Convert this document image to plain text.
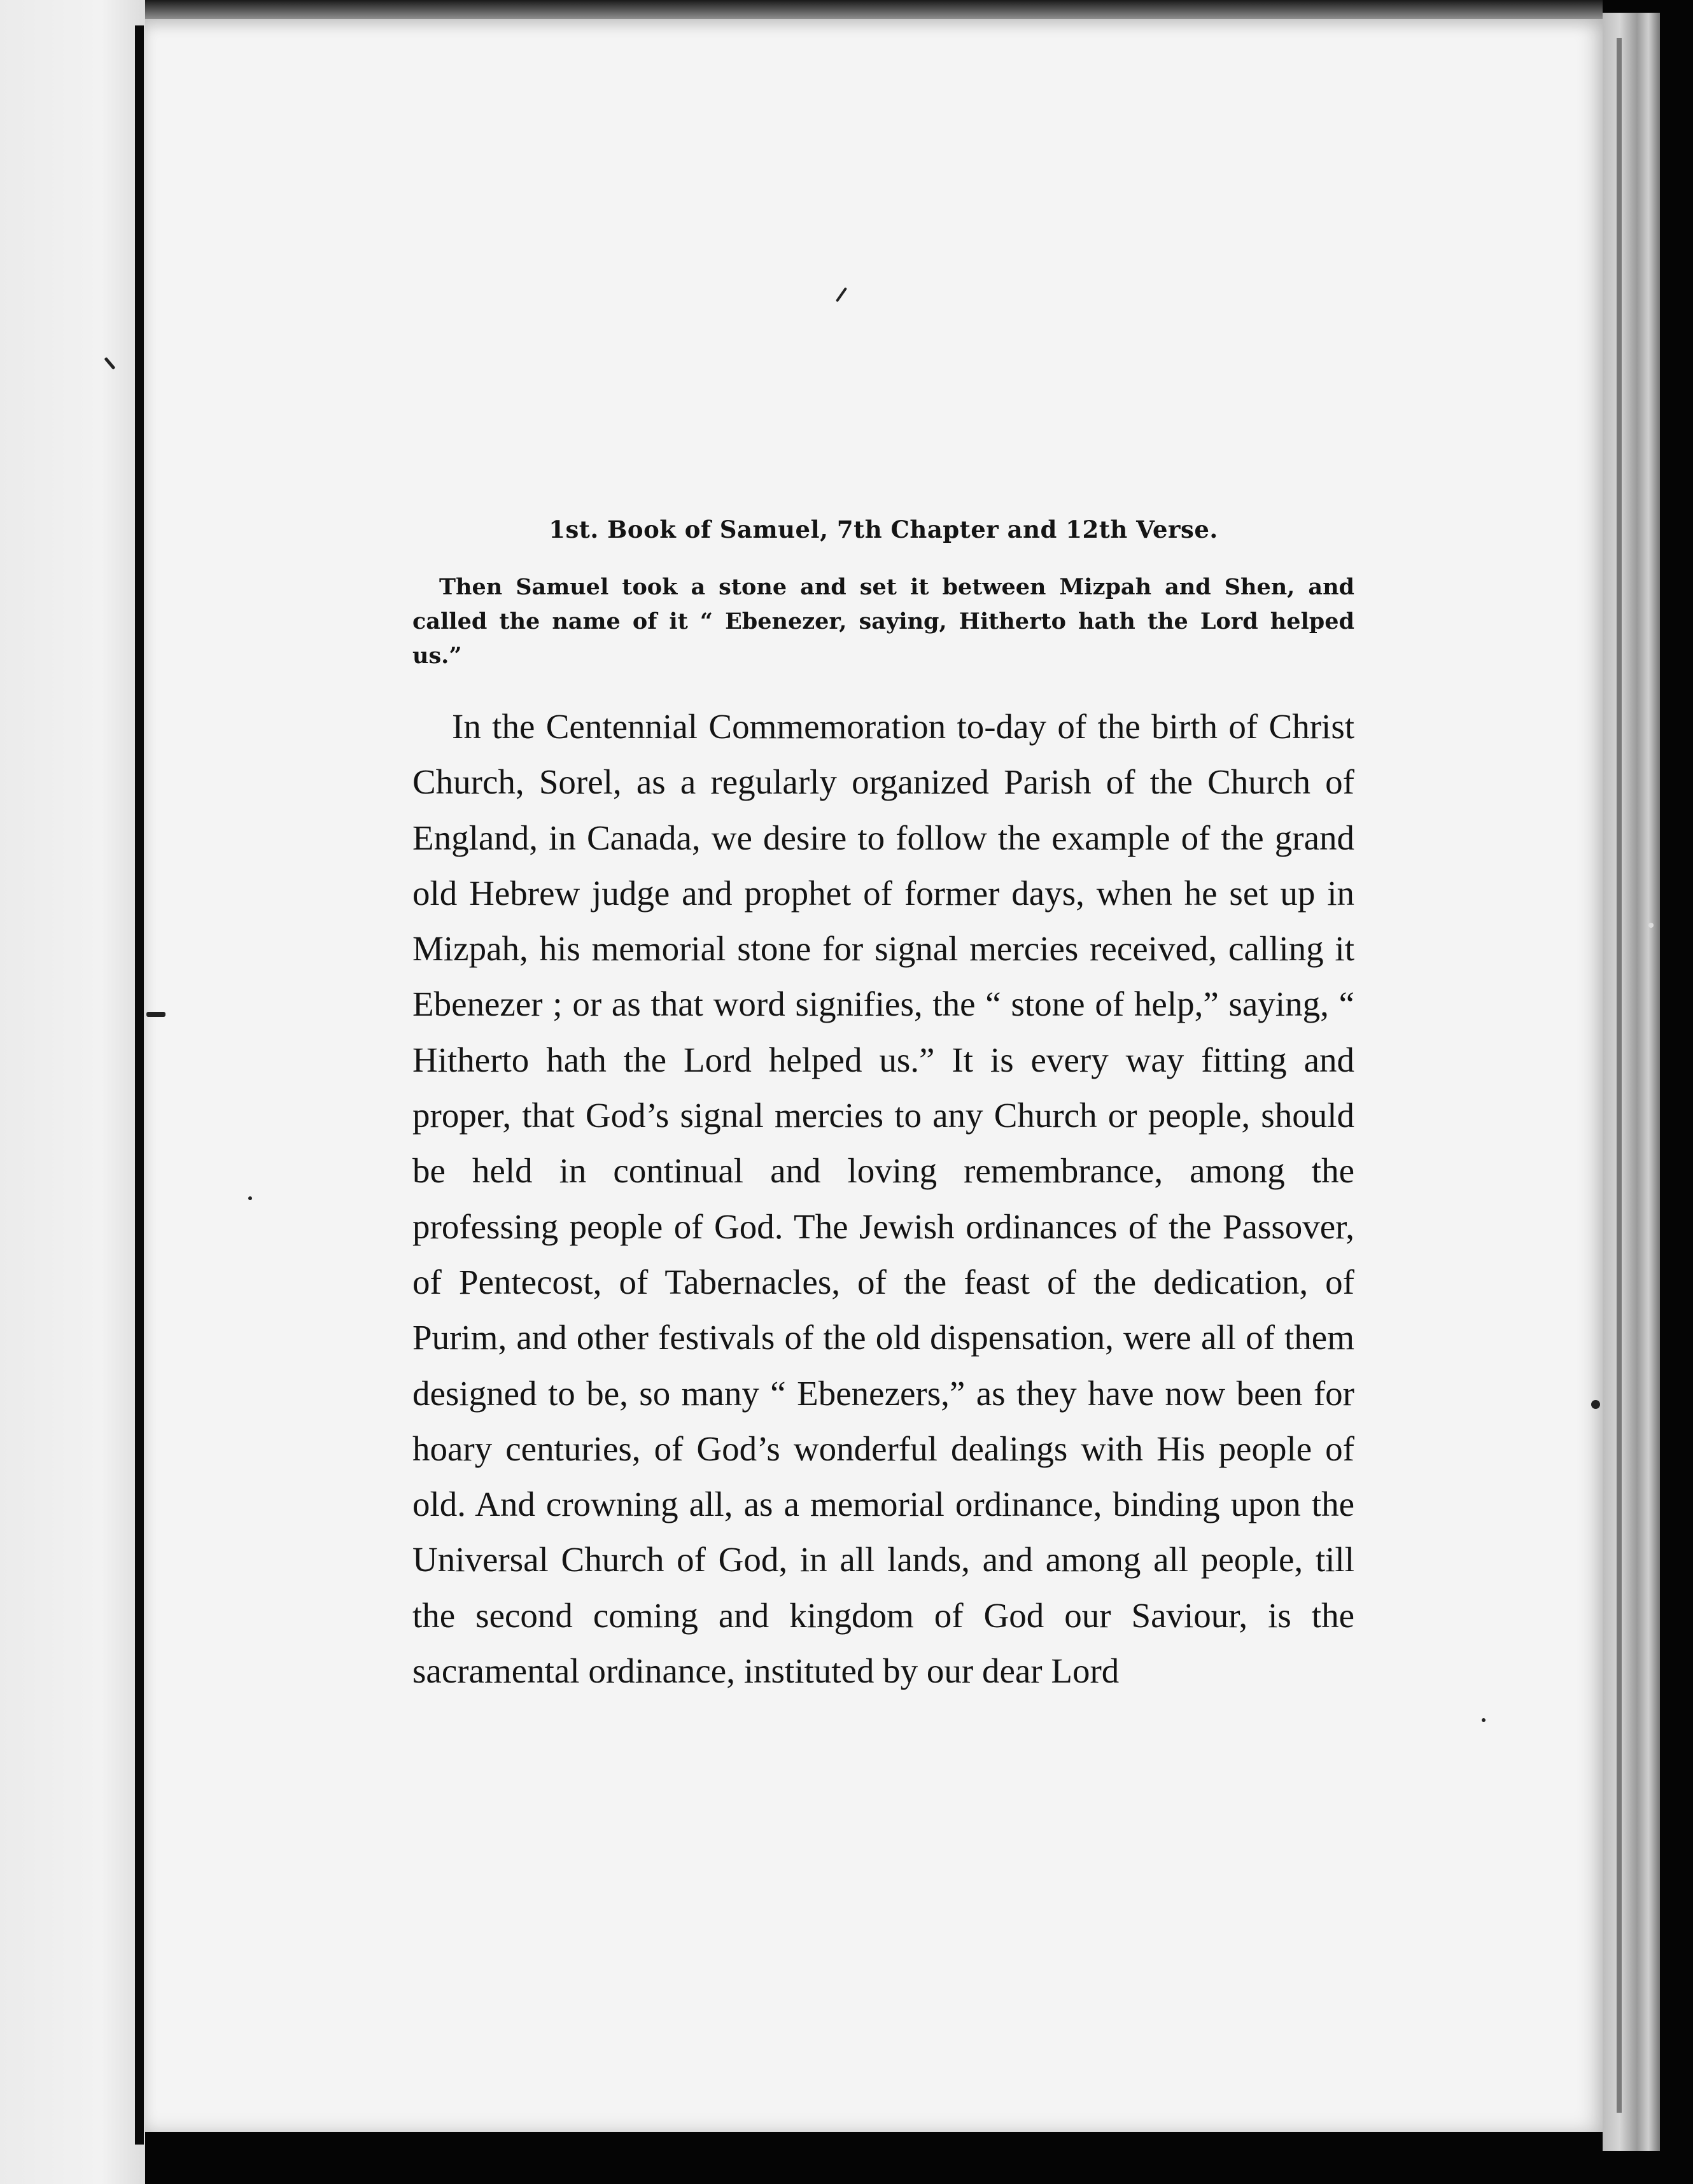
1st. Book of Samuel, 7th Chapter and 12th Verse.

Then Samuel took a stone and set it between Mizpah and Shen, and called the name of it “ Ebenezer, saying, Hitherto hath the Lord helped us.”

In the Centennial Commemoration to-day of the birth of Christ Church, Sorel, as a regularly organized Parish of the Church of England, in Canada, we desire to follow the example of the grand old Hebrew judge and prophet of former days, when he set up in Mizpah, his memorial stone for signal mercies received, calling it Ebenezer ; or as that word signifies, the “ stone of help,” saying, “ Hitherto hath the Lord helped us.” It is every way fitting and proper, that God’s signal mercies to any Church or people, should be held in continual and loving remembrance, among the professing people of God. The Jewish ordinances of the Passover, of Pentecost, of Tabernacles, of the feast of the dedication, of Purim, and other festivals of the old dispensation, were all of them designed to be, so many “ Ebenezers,” as they have now been for hoary centuries, of God’s wonderful dealings with His people of old. And crowning all, as a memorial ordinance, binding upon the Universal Church of God, in all lands, and among all people, till the second coming and kingdom of God our Saviour, is the sacramental ordinance, instituted by our dear Lord
